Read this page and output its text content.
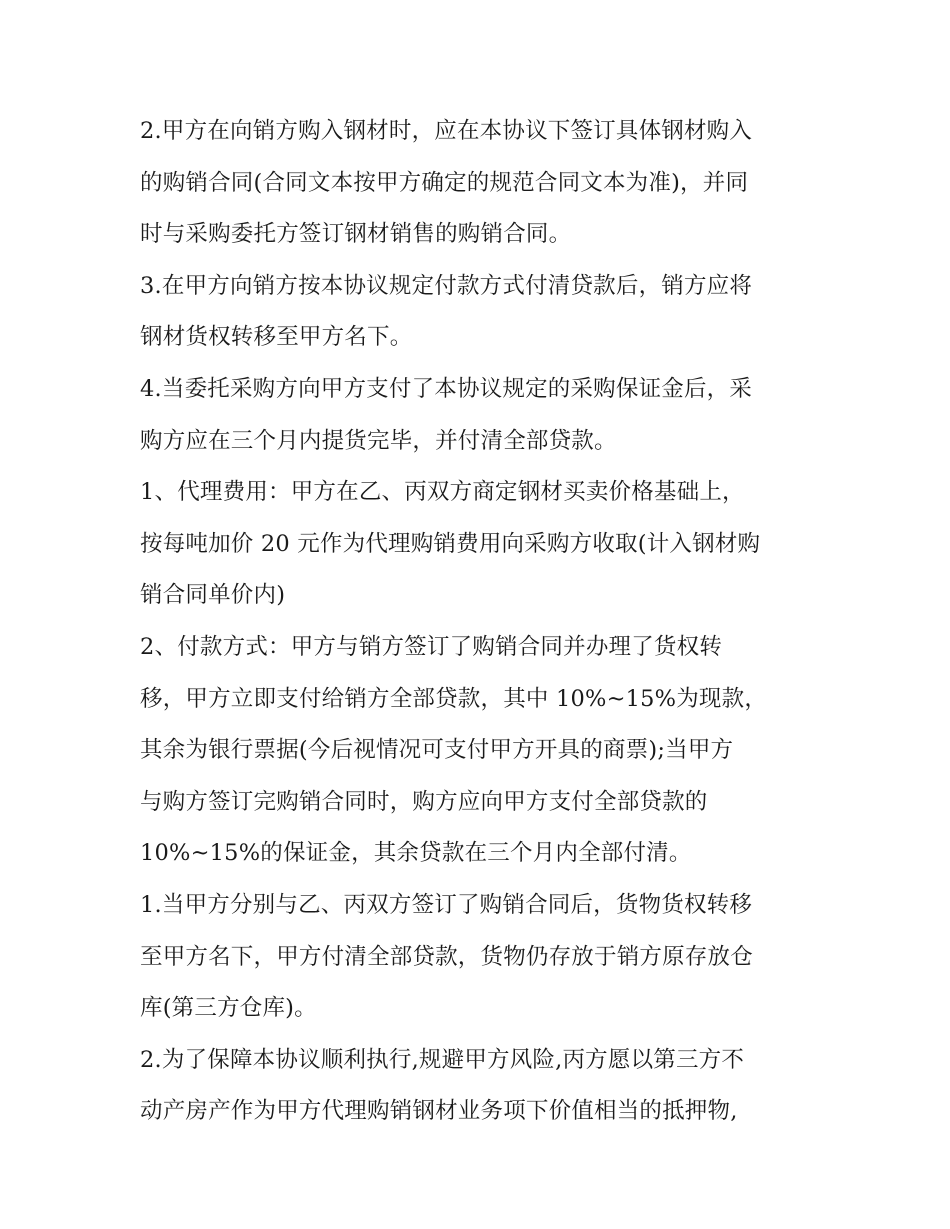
2.甲方在向销方购入钢材时，应在本协议下签订具体钢材购入
的购销合同(合同文本按甲方确定的规范合同文本为准)，并同
时与采购委托方签订钢材销售的购销合同。
3.在甲方向销方按本协议规定付款方式付清贷款后，销方应将
钢材货权转移至甲方名下。
4.当委托采购方向甲方支付了本协议规定的采购保证金后，采
购方应在三个月内提货完毕，并付清全部贷款。
1、代理费用：甲方在乙、丙双方商定钢材买卖价格基础上，
按每吨加价 20 元作为代理购销费用向采购方收取(计入钢材购
销合同单价内)
2、付款方式：甲方与销方签订了购销合同并办理了货权转
移，甲方立即支付给销方全部贷款，其中 10%~15%为现款，
其余为银行票据(今后视情况可支付甲方开具的商票);当甲方
与购方签订完购销合同时，购方应向甲方支付全部贷款的
10%~15%的保证金，其余贷款在三个月内全部付清。
1.当甲方分别与乙、丙双方签订了购销合同后，货物货权转移
至甲方名下，甲方付清全部贷款，货物仍存放于销方原存放仓
库(第三方仓库)。
2.为了保障本协议顺利执行,规避甲方风险,丙方愿以第三方不
动产房产作为甲方代理购销钢材业务项下价值相当的抵押物,
